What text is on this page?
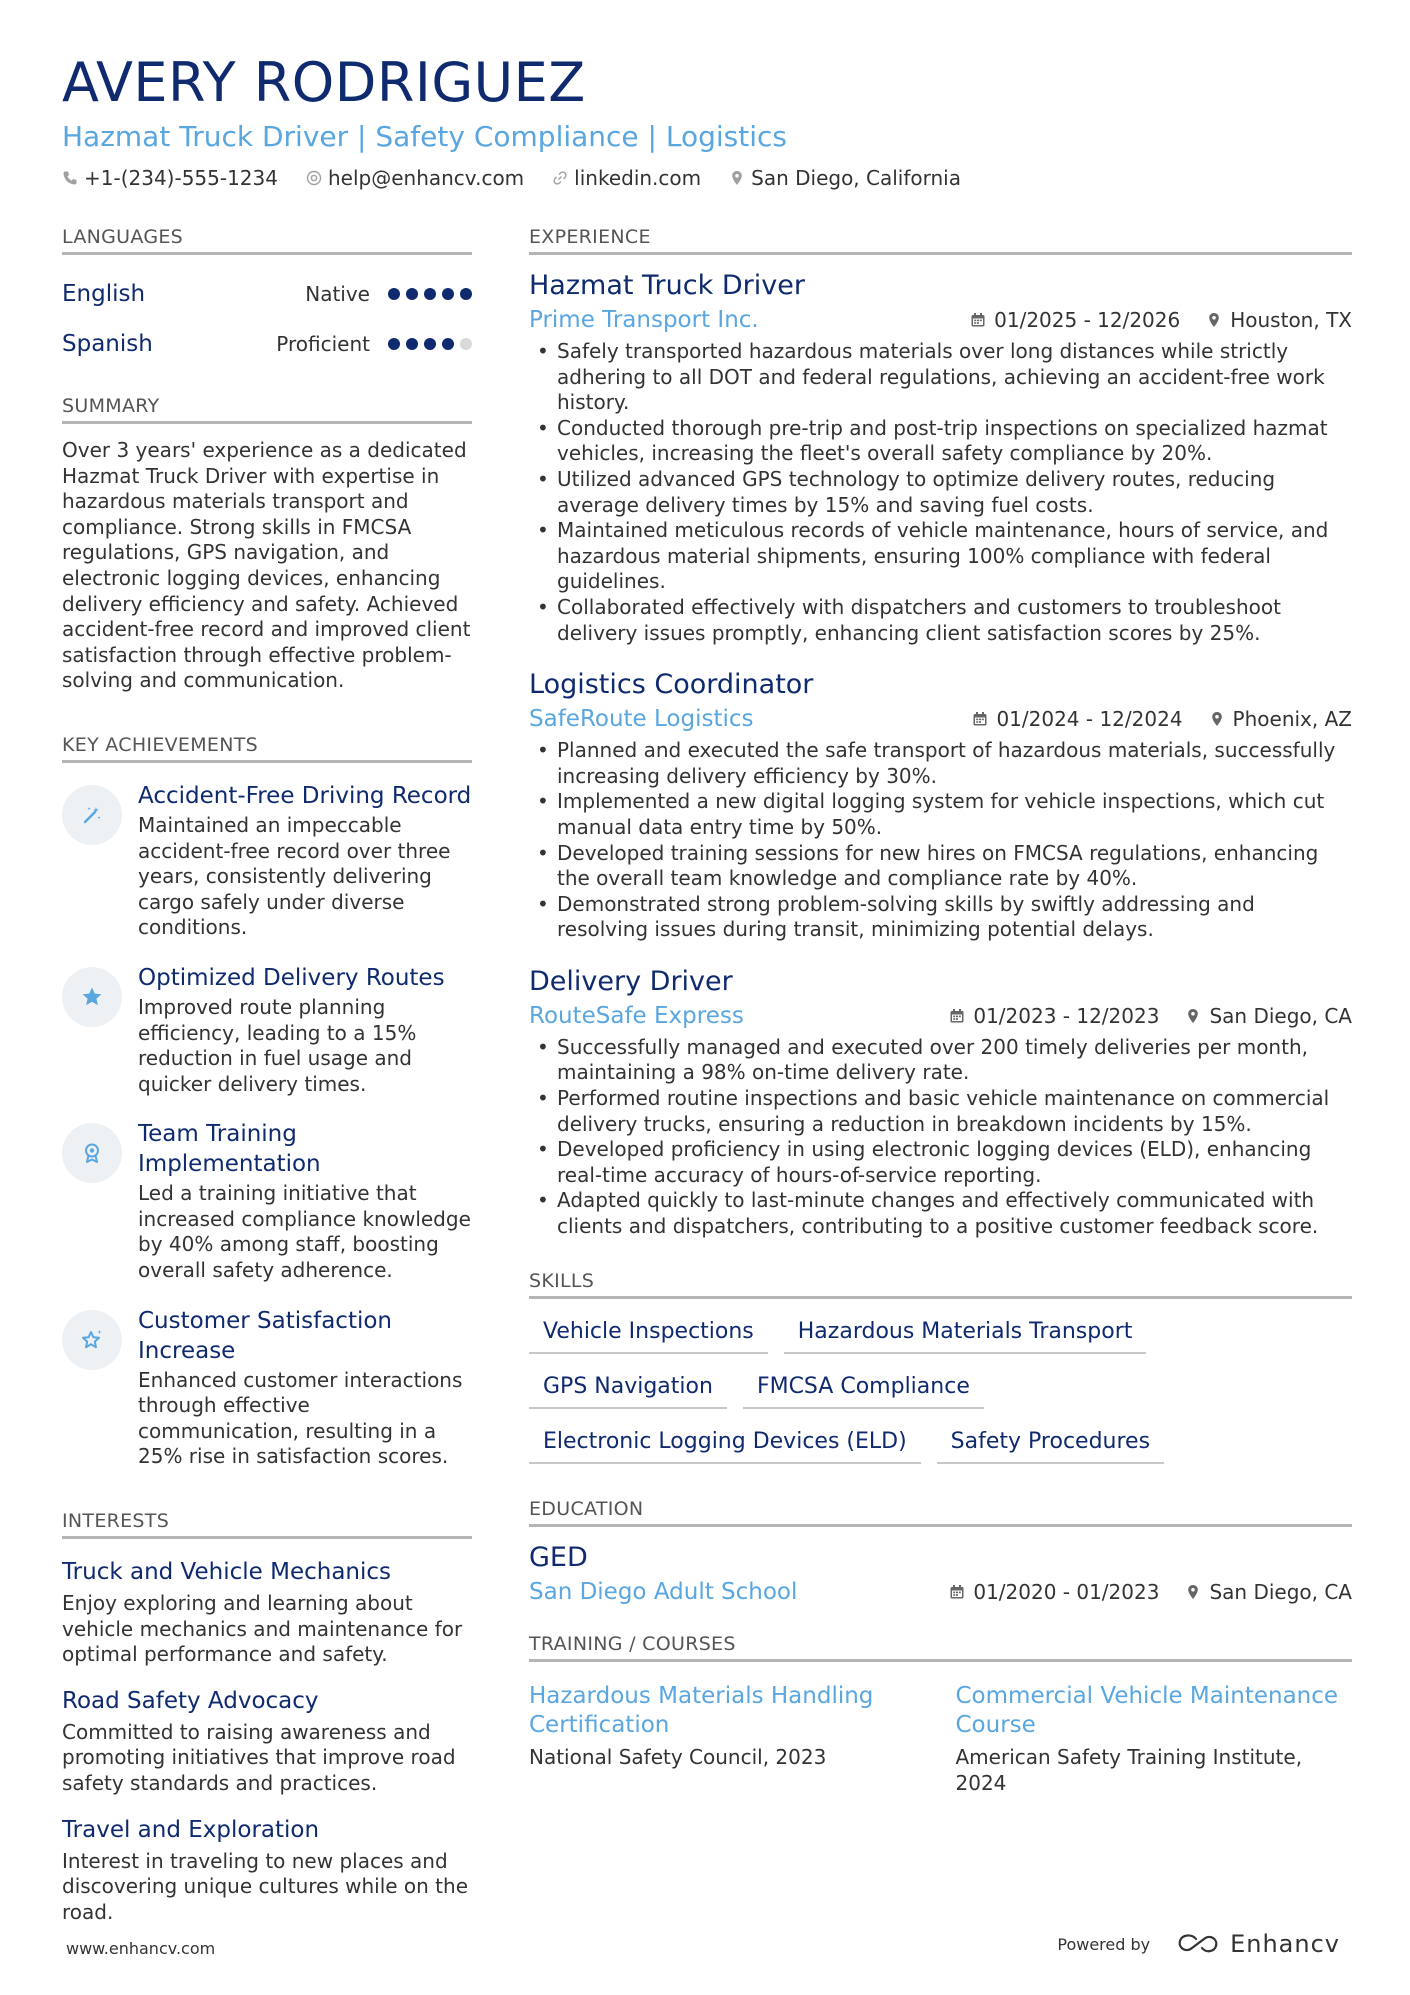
AVERY RODRIGUEZ
Hazmat Truck Driver | Safety Compliance | Logistics
+1-(234)-555-1234	help@enhancv.com	linkedin.com	San Diego, California
LANGUAGES
English	Native
Spanish	Proficient
SUMMARY

Over 3 years' experience as a dedicated Hazmat Truck Driver with expertise in hazardous materials transport and compliance. Strong skills in FMCSA regulations, GPS navigation, and electronic logging devices, enhancing delivery efficiency and safety. Achieved accident-free record and improved client satisfaction through effective problem-solving and communication.

KEY ACHIEVEMENTS
Accident-Free Driving Record
Maintained an impeccable accident-free record over three years, consistently delivering cargo safely under diverse conditions.
Optimized Delivery Routes
Improved route planning efficiency, leading to a 15% reduction in fuel usage and quicker delivery times.
Team Training Implementation
Led a training initiative that increased compliance knowledge by 40% among staff, boosting overall safety adherence.
Customer Satisfaction Increase
Enhanced customer interactions through effective communication, resulting in a 25% rise in satisfaction scores.
INTERESTS
Truck and Vehicle Mechanics
Enjoy exploring and learning about vehicle mechanics and maintenance for optimal performance and safety.
Road Safety Advocacy
Committed to raising awareness and promoting initiatives that improve road safety standards and practices.
Travel and Exploration
Interest in traveling to new places and discovering unique cultures while on the road.
EXPERIENCE
Hazmat Truck Driver
Prime Transport Inc.	01/2025 - 12/2026	Houston, TX
• Safely transported hazardous materials over long distances while strictly adhering to all DOT and federal regulations, achieving an accident-free work history.
• Conducted thorough pre-trip and post-trip inspections on specialized hazmat vehicles, increasing the fleet's overall safety compliance by 20%.
• Utilized advanced GPS technology to optimize delivery routes, reducing average delivery times by 15% and saving fuel costs.
• Maintained meticulous records of vehicle maintenance, hours of service, and hazardous material shipments, ensuring 100% compliance with federal guidelines.
• Collaborated effectively with dispatchers and customers to troubleshoot delivery issues promptly, enhancing client satisfaction scores by 25%.
Logistics Coordinator
SafeRoute Logistics	01/2024 - 12/2024	Phoenix, AZ
• Planned and executed the safe transport of hazardous materials, successfully increasing delivery efficiency by 30%.
• Implemented a new digital logging system for vehicle inspections, which cut manual data entry time by 50%.
• Developed training sessions for new hires on FMCSA regulations, enhancing the overall team knowledge and compliance rate by 40%.
• Demonstrated strong problem-solving skills by swiftly addressing and resolving issues during transit, minimizing potential delays.
Delivery Driver
RouteSafe Express	01/2023 - 12/2023	San Diego, CA
• Successfully managed and executed over 200 timely deliveries per month, maintaining a 98% on-time delivery rate.
• Performed routine inspections and basic vehicle maintenance on commercial delivery trucks, ensuring a reduction in breakdown incidents by 15%.
• Developed proficiency in using electronic logging devices (ELD), enhancing real-time accuracy of hours-of-service reporting.
• Adapted quickly to last-minute changes and effectively communicated with clients and dispatchers, contributing to a positive customer feedback score.
SKILLS
Vehicle Inspections	Hazardous Materials Transport
GPS Navigation	FMCSA Compliance
Electronic Logging Devices (ELD)	Safety Procedures
EDUCATION
GED
San Diego Adult School	01/2020 - 01/2023	San Diego, CA
TRAINING / COURSES
Hazardous Materials Handling Certification
National Safety Council, 2023
Commercial Vehicle Maintenance Course
American Safety Training Institute, 2024
www.enhancv.com	Powered by	Enhancv
